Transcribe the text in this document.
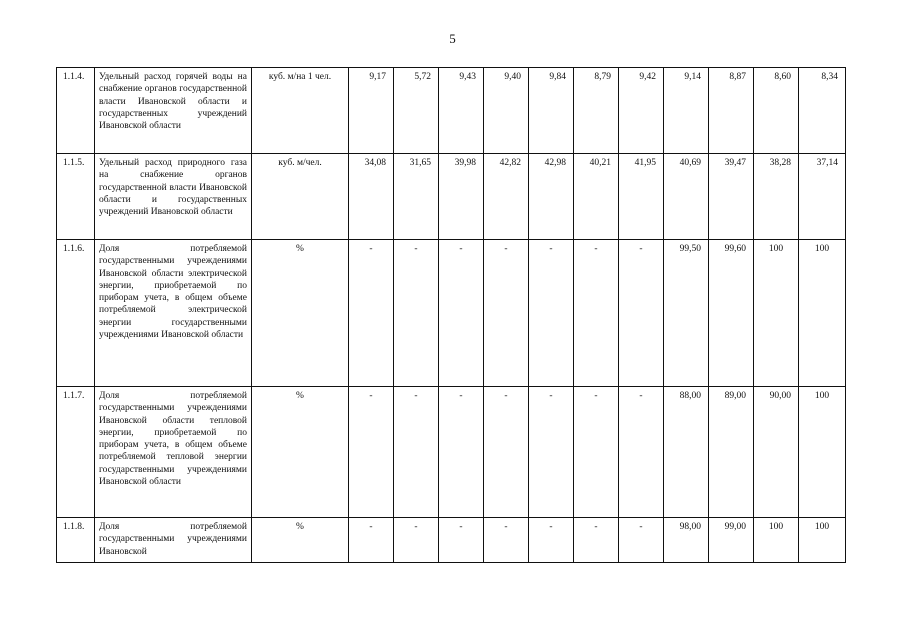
5
1.1.4.	Удельный расход горячей воды на снабжение органов государственной власти Ивановской области и государственных учреждений Ивановской области	куб. м/на 1 чел.	9,17	5,72	9,43	9,40	9,84	8,79	9,42	9,14	8,87	8,60	8,34
1.1.5.	Удельный расход природного газа на снабжение органов государственной власти Ивановской области и государственных учреждений Ивановской области	куб. м/чел.	34,08	31,65	39,98	42,82	42,98	40,21	41,95	40,69	39,47	38,28	37,14
1.1.6.	Доля потребляемой государственными учреждениями Ивановской области электрической энергии, приобретаемой по приборам учета, в общем объеме потребляемой электрической энергии государственными учреждениями Ивановской области	%	-	-	-	-	-	-	-	99,50	99,60	100	100
1.1.7.	Доля потребляемой государственными учреждениями Ивановской области тепловой энергии, приобретаемой по приборам учета, в общем объеме потребляемой тепловой энергии государственными учреждениями Ивановской области	%	-	-	-	-	-	-	-	88,00	89,00	90,00	100
1.1.8.	Доля потребляемой государственными учреждениями Ивановской	%	-	-	-	-	-	-	-	98,00	99,00	100	100
